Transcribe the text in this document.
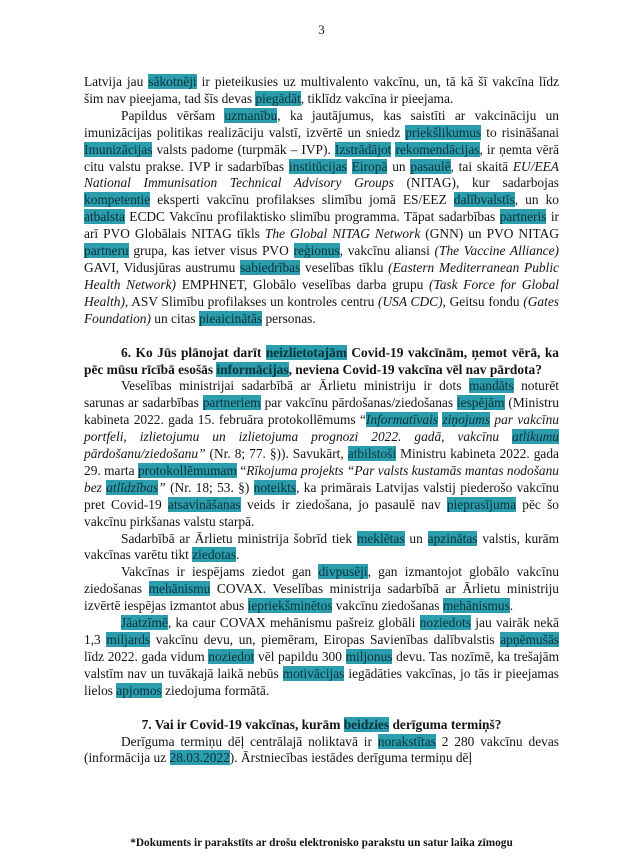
3

Latvija jau sākotnēji ir pieteikusies uz multivalento vakcīnu, un, tā kā šī vakcīna līdz šim nav pieejama, tad šīs devas piegādāt, tiklīdz vakcīna ir pieejama.

Papildus vēršam uzmanību, ka jautājumus, kas saistīti ar vakcināciju un imunizācijas politikas realizāciju valstī, izvērtē un sniedz priekšlikumus to risināšanai Imunizācijas valsts padome (turpmāk – IVP). Izstrādājot rekomendācijas, ir ņemta vērā citu valstu prakse. IVP ir sadarbības institūcijas Eiropā un pasaulē, tai skaitā EU/EEA National Immunisation Technical Advisory Groups (NITAG), kur sadarbojas kompetentie eksperti vakcīnu profilakses slimību jomā ES/EEZ dalībvalstīs, un ko atbalsta ECDC Vakcīnu profilaktisko slimību programma. Tāpat sadarbības partneris ir arī PVO Globālais NITAG tīkls The Global NITAG Network (GNN) un PVO NITAG partneru grupa, kas ietver visus PVO reģionus, vakcīnu aliansi (The Vaccine Alliance) GAVI, Vidusjūras austrumu sabiedrības veselības tīklu (Eastern Mediterranean Public Health Network) EMPHNET, Globālo veselības darba grupu (Task Force for Global Health), ASV Slimību profilakses un kontroles centru (USA CDC), Geitsu fondu (Gates Foundation) un citas pieaicinātās personas.

6. Ko Jūs plānojat darīt neizlietotajām Covid-19 vakcīnām, ņemot vērā, ka pēc mūsu rīcībā esošās informācijas, neviena Covid-19 vakcīna vēl nav pārdota?

Veselības ministrijai sadarbībā ar Ārlietu ministriju ir dots mandāts noturēt sarunas ar sadarbības partneriem par vakcīnu pārdošanas/ziedošanas iespējām (Ministru kabineta 2022. gada 15. februāra protokollēmums “Informatīvais ziņojums par vakcīnu portfeli, izlietojumu un izlietojuma prognozi 2022. gadā, vakcīnu atlikumu pārdošanu/ziedošanu” (Nr. 8; 77. §)). Savukārt, atbilstoši Ministru kabineta 2022. gada 29. marta protokollēmumam “Rīkojuma projekts “Par valsts kustamās mantas nodošanu bez atlīdzības” (Nr. 18; 53. §) noteikts, ka primārais Latvijas valstij piederošo vakcīnu pret Covid-19 atsavināšanas veids ir ziedošana, jo pasaulē nav pieprasījuma pēc šo vakcīnu pirkšanas valstu starpā.

Sadarbībā ar Ārlietu ministrija šobrīd tiek meklētas un apzinātas valstis, kurām vakcīnas varētu tikt ziedotas.

Vakcīnas ir iespējams ziedot gan divpusēji, gan izmantojot globālo vakcīnu ziedošanas mehānismu COVAX. Veselības ministrija sadarbībā ar Ārlietu ministriju izvērtē iespējas izmantot abus iepriekšminētos vakcīnu ziedošanas mehānismus.

Jāatzīmē, ka caur COVAX mehānismu pašreiz globāli noziedots jau vairāk nekā 1,3 miljards vakcīnu devu, un, piemēram, Eiropas Savienības dalībvalstis apņēmušās līdz 2022. gada vidum noziedot vēl papildu 300 miljonus devu. Tas nozīmē, ka trešajām valstīm nav un tuvākajā laikā nebūs motivācijas iegādāties vakcīnas, jo tās ir pieejamas lielos apjomos ziedojuma formātā.

7. Vai ir Covid-19 vakcīnas, kurām beidzies derīguma termiņš?

Derīguma termiņu dēļ centrālajā noliktavā ir norakstītas 2 280 vakcīnu devas (informācija uz 28.03.2022). Ārstniecības iestādes derīguma termiņu dēļ

*Dokuments ir parakstīts ar drošu elektronisko parakstu un satur laika zīmogu
